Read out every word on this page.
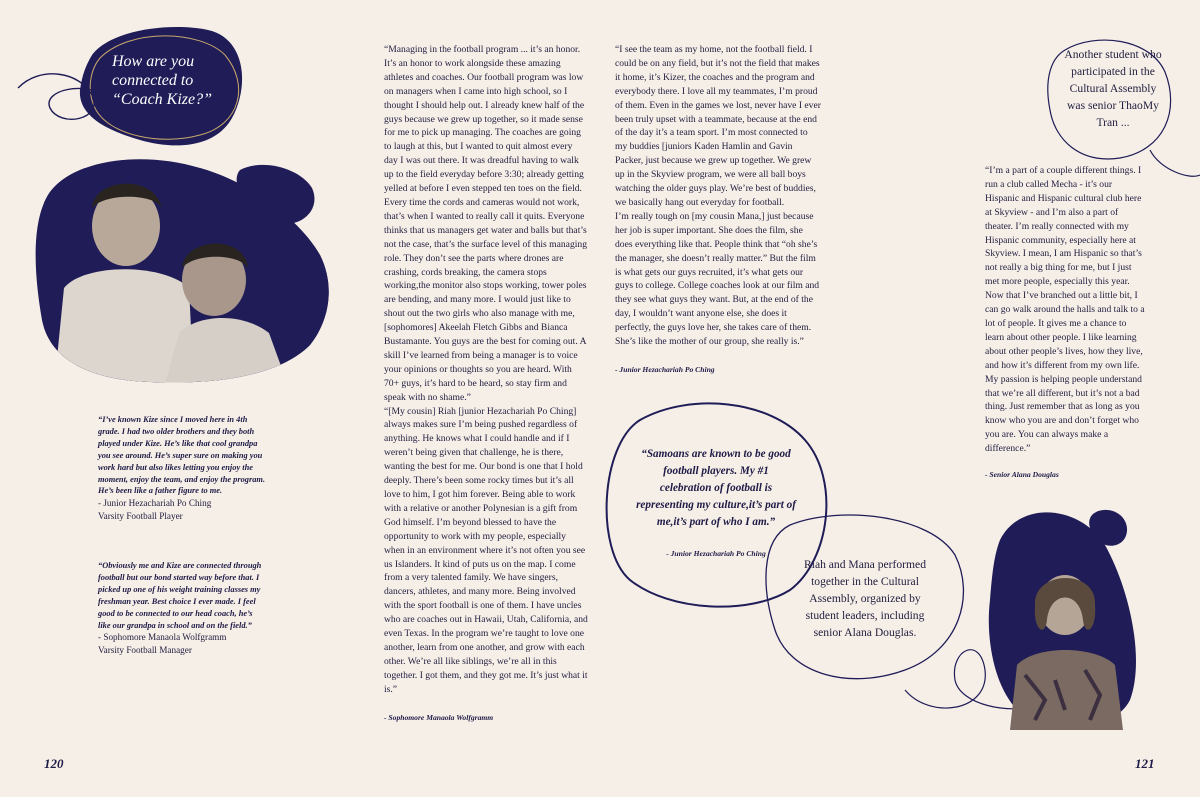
How are you connected to “Coach Kize?”
“I’ve known Kize since I moved here in 4th grade. I had two older brothers and they both played under Kize. He’s like that cool grandpa you see around. He’s super sure on making you work hard but also likes letting you enjoy the moment, enjoy the team, and enjoy the program. He’s been like a father figure to me.
- Junior Hezachariah Po Ching
Varsity Football Player
“Obviously me and Kize are connected through football but our bond started way before that. I picked up one of his weight training classes my freshman year. Best choice I ever made. I feel good to be connected to our head coach, he’s like our grandpa in school and on the field.”
- Sophomore Manaola Wolfgramm
Varsity Football Manager

“Managing in the football program ... it’s an honor. It’s an honor to work alongside these amazing athletes and coaches. Our football program was low on managers when I came into high school, so I thought I should help out. I already knew half of the guys because we grew up together, so it made sense for me to pick up managing. The coaches are going to laugh at this, but I wanted to quit almost every day I was out there. It was dreadful having to walk up to the field everyday before 3:30; already getting yelled at before I even stepped ten toes on the field. Every time the cords and cameras would not work, that’s when I wanted to really call it quits. Everyone thinks that us managers get water and balls but that’s not the case, that’s the surface level of this managing role. They don’t see the parts where drones are crashing, cords breaking, the camera stops working,the monitor also stops working, tower poles are bending, and many more. I would just like to shout out the two girls who also manage with me, [sophomores] Akeelah Fletch Gibbs and Bianca Bustamante. You guys are the best for coming out. A skill I’ve learned from being a manager is to voice your opinions or thoughts so you are heard. With 70+ guys, it’s hard to be heard, so stay firm and speak with no shame.”

“[My cousin] Riah [junior Hezachariah Po Ching] always makes sure I’m being pushed regardless of anything. He knows what I could handle and if I weren’t being given that challenge, he is there, wanting the best for me. Our bond is one that I hold deeply. There’s been some rocky times but it’s all love to him, I got him forever. Being able to work with a relative or another Polynesian is a gift from God himself. I’m beyond blessed to have the opportunity to work with my people, especially when in an environment where it’s not often you see us Islanders. It kind of puts us on the map. I come from a very talented family. We have singers, dancers, athletes, and many more. Being involved with the sport football is one of them. I have uncles who are coaches out in Hawaii, Utah, California, and even Texas. In the program we’re taught to love one another, learn from one another, and grow with each other. We’re all like siblings, we’re all in this together. I got them, and they got me. It’s just what it is.”

- Sophomore Manaola Wolfgramm

120

“I see the team as my home, not the football field. I could be on any field, but it’s not the field that makes it home, it’s Kizer, the coaches and the program and everybody there. I love all my teammates, I’m proud of them. Even in the games we lost, never have I ever been truly upset with a teammate, because at the end of the day it’s a team sport. I’m most connected to my buddies [juniors Kaden Hamlin and Gavin Packer, just because we grew up together. We grew up in the Skyview program, we were all ball boys watching the older guys play. We’re best of buddies, we basically hang out everyday for football.

I’m really tough on [my cousin Mana,] just because her job is super important. She does the film, she does everything like that. People think that “oh she’s the manager, she doesn’t really matter.” But the film is what gets our guys recruited, it’s what gets our guys to college. College coaches look at our film and they see what guys they want. But, at the end of the day, I wouldn’t want anyone else, she does it perfectly, the guys love her, she takes care of them. She’s like the mother of our group, she really is.”

- Junior Hezachariah Po Ching

“Samoans are known to be good football players. My #1 celebration of football is representing my culture,it’s part of me,it’s part of who I am.”
- Junior Hezachariah Po Ching
Riah and Mana performed together in the Cultural Assembly, organized by student leaders, including senior Alana Douglas.
Another student who participated in the Cultural Assembly was senior ThaoMy Tran ...

“I’m a part of a couple different things. I run a club called Mecha - it’s our Hispanic and Hispanic cultural club here at Skyview - and I’m also a part of theater. I’m really connected with my Hispanic community, especially here at Skyview. I mean, I am Hispanic so that’s not really a big thing for me, but I just met more people, especially this year. Now that I’ve branched out a little bit, I can go walk around the halls and talk to a lot of people. It gives me a chance to learn about other people. I like learning about other people’s lives, how they live, and how it’s different from my own life. My passion is helping people understand that we’re all different, but it’s not a bad thing. Just remember that as long as you know who you are and don’t forget who you are. You can always make a difference.”

- Senior Alana Douglas

121
